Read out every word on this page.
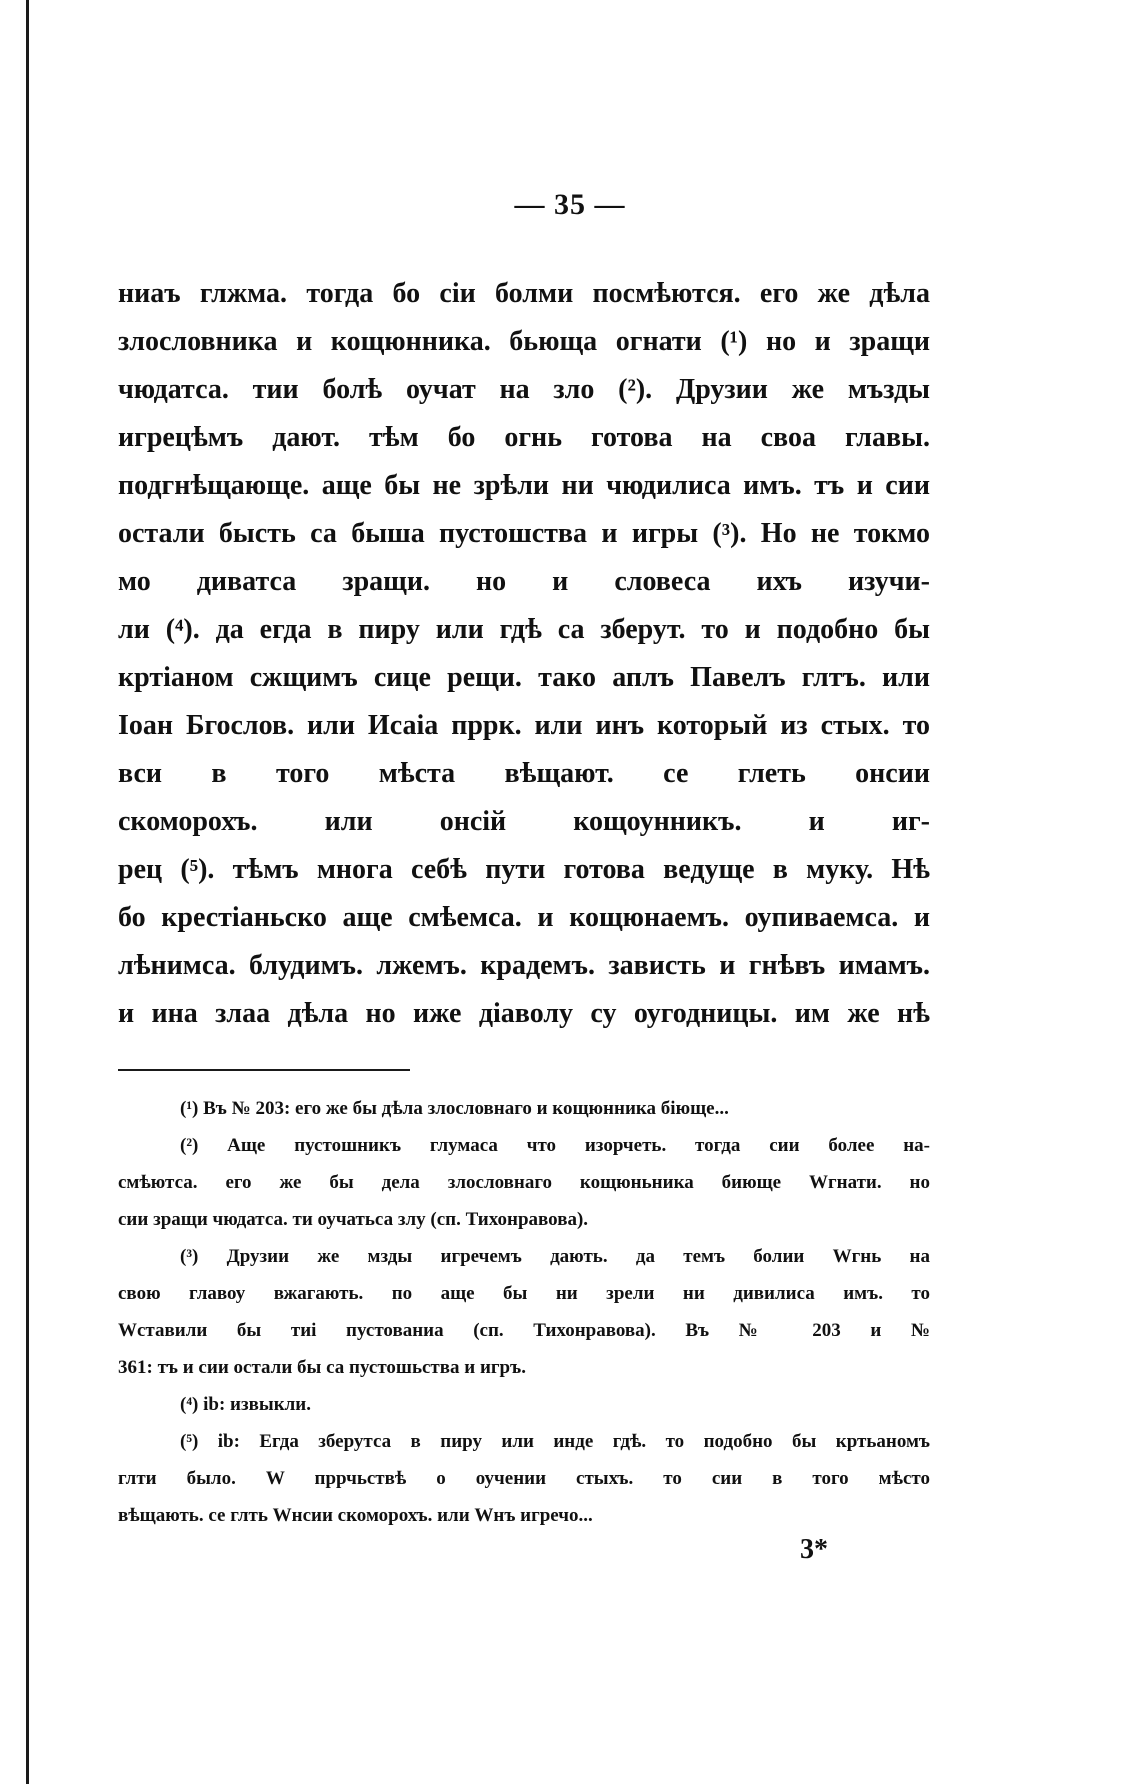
— 35 —
ниаъ глжма. тогда бо сіи болми посмѣются. его же дѣла
злословника и кощюнника. бьюща огнати (¹) но и зращи
чюдатса. тии болѣ оучат на зло (²). Друзии же мъзды
игрецѣмъ дают. тѣм бо огнь готова на своа главы.
подгнѣщающе. аще бы не зрѣли ни чюдилиса имъ. тъ и сии
остали бысть са быша пустошства и игры (³). Но не токмо
мо диватса зращи. но и словеса ихъ изучи-
ли (⁴). да егда в пиру или гдѣ са зберут. то и подобно бы
кртіаном сжщимъ сице рещи. тако аплъ Павелъ глтъ. или
Іоан Бгослов. или Исаіа пррк. или инъ который из стых. то
вси в того мѣста вѣщают. се глеть онсии
скоморохъ. или онсій кощоунникъ. и иг-
рец (⁵). тѣмъ многа себѣ пути готова ведуще в муку. Нѣ
бо крестіаньско аще смѣемса. и кощюнаемъ. оупиваемса. и
лѣнимса. блудимъ. лжемъ. крадемъ. зависть и гнѣвъ имамъ.
и ина злаа дѣла но иже діаволу су оугодницы. им же нѣ
(¹) Въ № 203: его же бы дѣла злословнаго и кощюнника біюще...
(²) Аще пустошникъ глумаса что изорчеть. тогда сии более на-
смѣютса. его же бы дела злословнаго кощюньника биюще Wгнати. но
сии зращи чюдатса. ти оучатьса злу (сп. Тихонравова).
(³) Друзии же мзды игречемъ дають. да темъ болии Wгнь на
свою главоу вжагають. по аще бы ни зрели ни дивилиса имъ. то
Wставили бы тиі пустованиа (сп. Тихонравова). Въ № 203 и №
361: тъ и сии остали бы са пустошьства и игръ.
(⁴) ib: извыкли.
(⁵) ib: Егда зберутса в пиру или инде гдѣ. то подобно бы кртьаномъ
глти было. W пррчьствѣ о оучении стыхъ. то сии в того мѣсто
вѣщають. се глть Wнсии скоморохъ. или Wнъ игречо...
3*
